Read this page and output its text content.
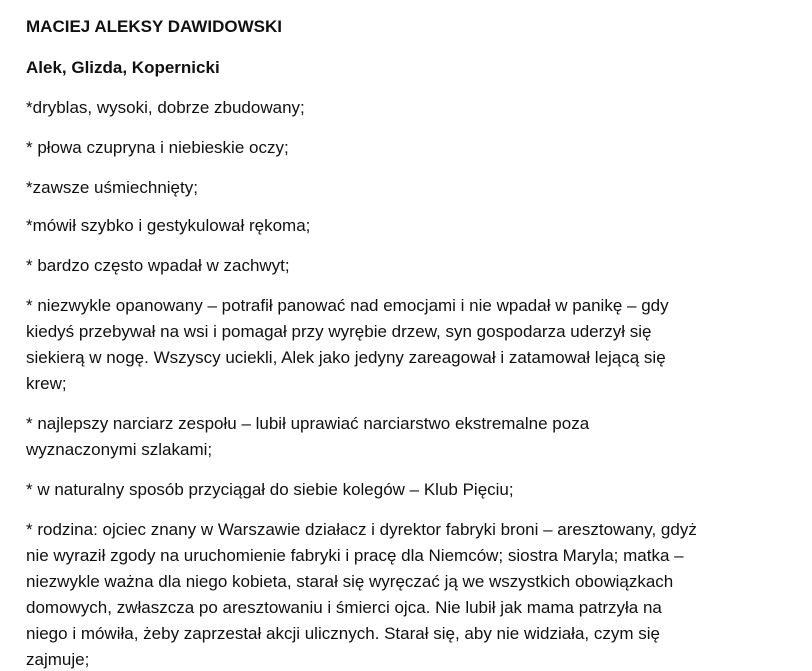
MACIEJ ALEKSY DAWIDOWSKI

Alek, Glizda, Kopernicki

*dryblas, wysoki, dobrze zbudowany;

* płowa czupryna i niebieskie oczy;

*zawsze uśmiechnięty;

*mówił szybko i gestykulował rękoma;

* bardzo często wpadał w zachwyt;

* niezwykle opanowany – potrafił panować nad emocjami i nie wpadał w panikę – gdy

kiedyś przebywał na wsi i pomagał przy wyrębie drzew, syn gospodarza uderzył się

siekierą w nogę. Wszyscy uciekli, Alek jako jedyny zareagował i zatamował lejącą się

krew;

* najlepszy narciarz zespołu – lubił uprawiać narciarstwo ekstremalne poza

wyznaczonymi szlakami;

* w naturalny sposób przyciągał do siebie kolegów – Klub Pięciu;

* rodzina: ojciec znany w Warszawie działacz i dyrektor fabryki broni – aresztowany, gdyż

nie wyraził zgody na uruchomienie fabryki i pracę dla Niemców; siostra Maryla; matka –

niezwykle ważna dla niego kobieta, starał się wyręczać ją we wszystkich obowiązkach

domowych, zwłaszcza po aresztowaniu i śmierci ojca. Nie lubił jak mama patrzyła na

niego i mówiła, żeby zaprzestał akcji ulicznych. Starał się, aby nie widziała, czym się

zajmuje;
